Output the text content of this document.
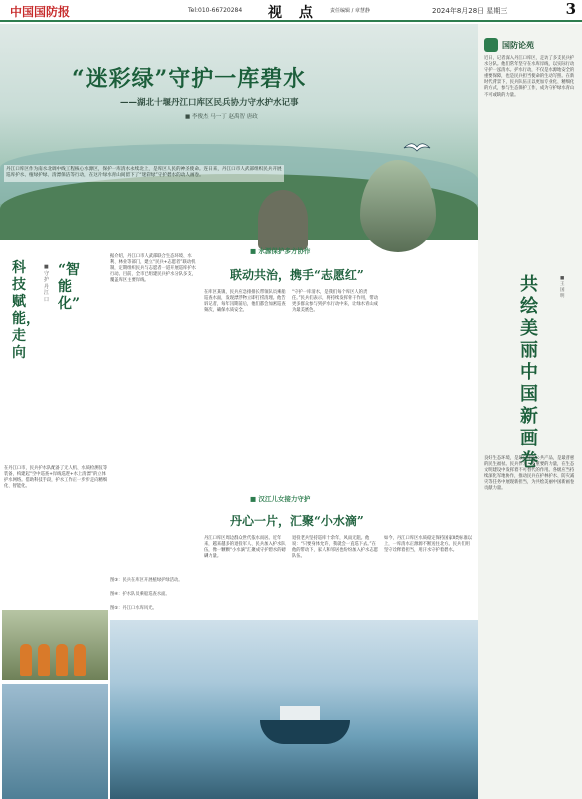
中国国防报	Tel:010-66720284 视 点 责任编辑 / 章慧静	2024年8月28日 星期三	3
“迷彩绿”守护一库碧水
——湖北十堰丹江口库区民兵协力守水护水记事
■ 李俊杰 马一丁 赵禹智 唐政
丹江口库区作为南水北调中线工程核心水源区，保护一库清水永续北上，是库区人民的神圣使命。连日来，丹江口市人武部组织民兵开展巡库护水、植绿护绿、清漂保洁等行动，在这片绿水青山间留下了“迷彩绿”守护碧水的动人画卷。
国防论苑
近日，记者深入丹江口库区，走访了多支民兵护水分队。他们常年坚守在水库岸线，以实际行动守护一泓清水。护水行动，不仅是水源地安全的重要保障，也是民兵担当使命的生动写照。在新时代背景下，民兵队伍正以更加专业化、精细化的方式，参与生态保护工作，成为守护绿水青山不可或缺的力量。
共绘美丽中国新画卷
■ 王国明
良好生态环境，是最公平的公共产品，是最普惠的民生福祉。民兵作为一支重要的力量，在生态文明建设中发挥着不可替代的作用。各级应当持续深化军地协作，推动民兵在护林护水、防灾减灾等任务中展现新担当，为共绘美丽中国新画卷贡献力量。
科技赋能，走向
■ 守护丹江口
“智能化”
在丹江口市，民兵护水队配备了无人机、水质检测仪等装备，构建起“空中巡查+岸线巡逻+水上清漂”的立体护水网络。借助科技手段，护水工作正一步步走向精细化、智能化。
■ 水源保护多方协作
联动共治，携手“志愿红”
据介绍，丹江口市人武部联合生态环境、水利、林业等部门，建立“民兵+志愿者”联动机制，定期组织民兵与志愿者一道开展巡库护水行动。目前，全市已组建民兵护水分队多支，覆盖库区主要岸线。
在库区某镇，民兵应急排排长带领队员乘船巡查水面，发现漂浮物立即打捞清理。他告诉记者，每年汛期前后，他们都会加密巡查频次，确保水质安全。
“守护一库清水，是我们每个库区人的责任。”民兵们表示，将持续发挥骨干作用，带动更多群众参与到护水行动中来，让绿水青山成为最美底色。
图③：民兵在库区开展植绿护绿活动。
图④：护水队员乘船巡查水面。
图⑤：丹江口水库风光。
■ 汉江儿女接力守护
丹心一片，汇聚“小水滴”
丹江口库区周边群众世代依水而居。近年来，越来越多的退役军人、民兵加入护水队伍，像一颗颗“小水滴”汇聚成守护碧水的磅礴力量。
退役老兵坚持巡库十余年，风雨无阻。他说：“只要身体允许，我就会一直巡下去。”在他的带动下，家人和邻居也纷纷加入护水志愿队伍。
如今，丹江口库区水质稳定保持国家Ⅱ类标准以上，一库清水正源源不断送往北方。民兵们用坚守诠释着担当，用汗水守护着碧水。
